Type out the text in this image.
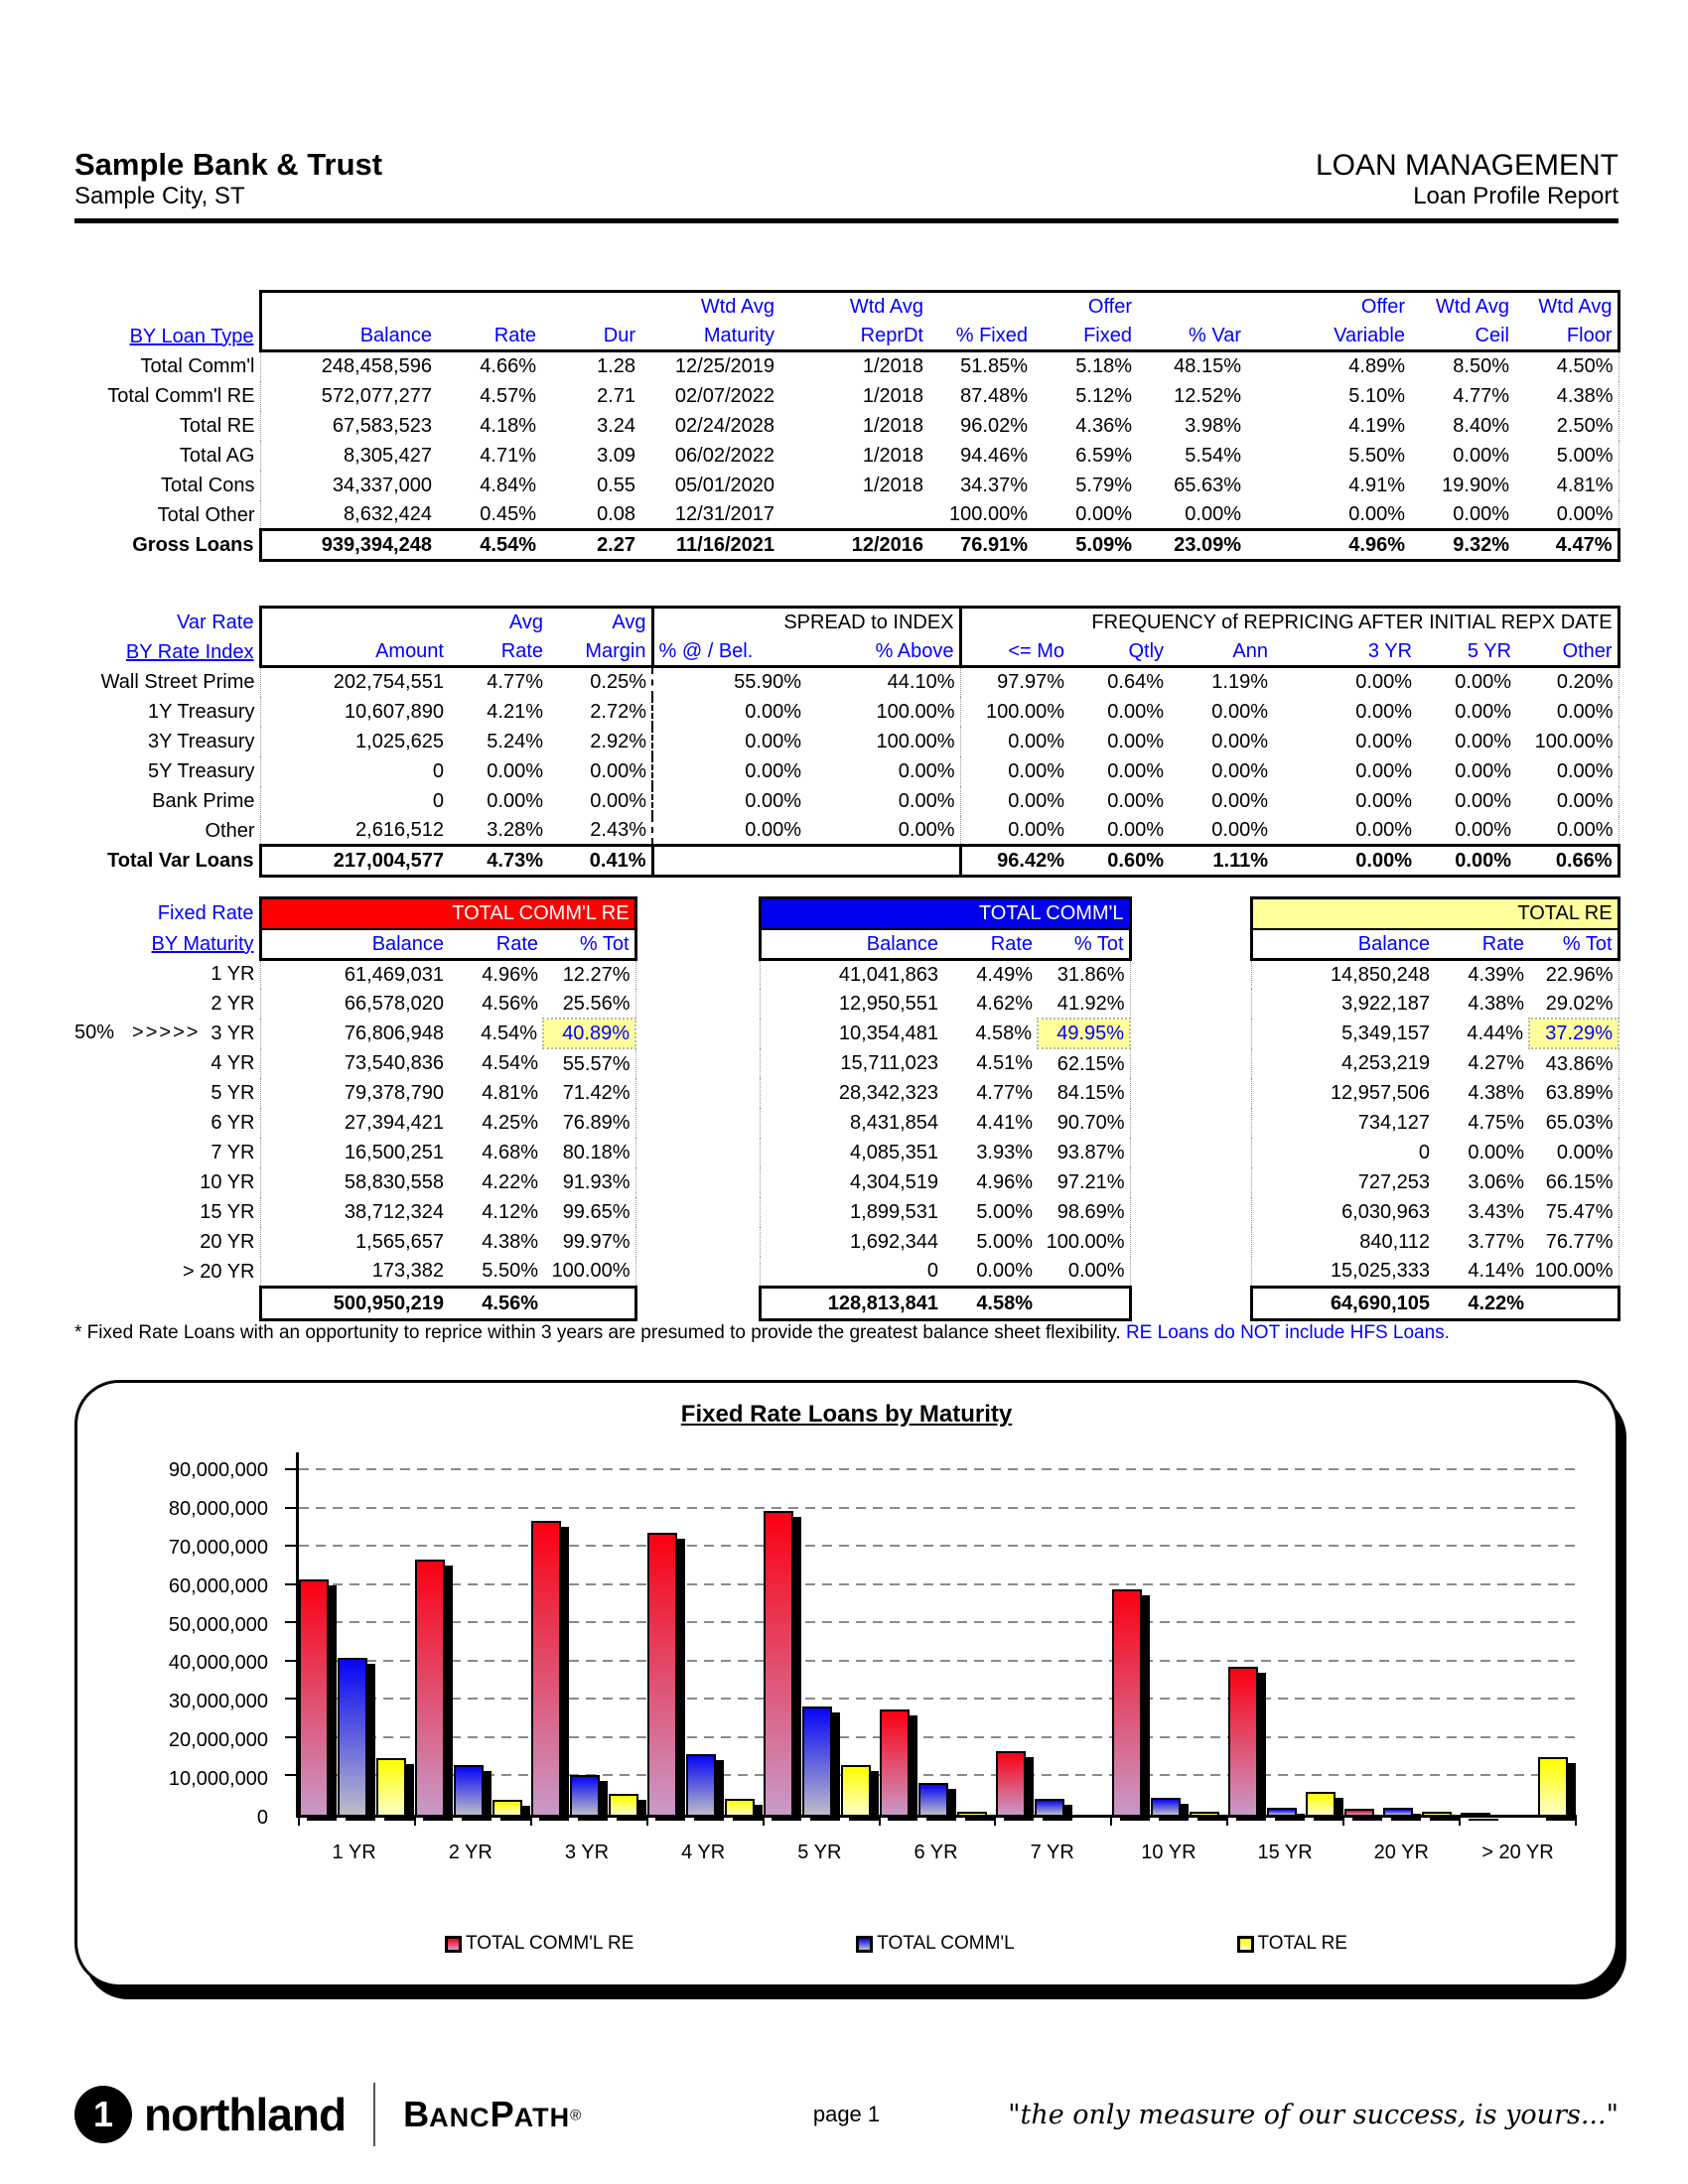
Sample Bank & Trust	LOAN MANAGEMENT
Sample City, ST	Loan Profile Report
				Wtd Avg	Wtd Avg		Offer		Offer	Wtd Avg	Wtd Avg
BY Loan Type	Balance	Rate	Dur	Maturity	ReprDt	% Fixed	Fixed	% Var	Variable	Ceil	Floor
Total Comm'l	248,458,596	4.66%	1.28	12/25/2019	1/2018	51.85%	5.18%	48.15%	4.89%	8.50%	4.50%
Total Comm'l RE	572,077,277	4.57%	2.71	02/07/2022	1/2018	87.48%	5.12%	12.52%	5.10%	4.77%	4.38%
Total RE	67,583,523	4.18%	3.24	02/24/2028	1/2018	96.02%	4.36%	3.98%	4.19%	8.40%	2.50%
Total AG	8,305,427	4.71%	3.09	06/02/2022	1/2018	94.46%	6.59%	5.54%	5.50%	0.00%	5.00%
Total Cons	34,337,000	4.84%	0.55	05/01/2020	1/2018	34.37%	5.79%	65.63%	4.91%	19.90%	4.81%
Total Other	8,632,424	0.45%	0.08	12/31/2017		100.00%	0.00%	0.00%	0.00%	0.00%	0.00%
Gross Loans	939,394,248	4.54%	2.27	11/16/2021	12/2016	76.91%	5.09%	23.09%	4.96%	9.32%	4.47%
Var Rate		Avg	Avg	SPREAD to INDEX		FREQUENCY of REPRICING AFTER INITIAL REPX DATE					
BY Rate Index	Amount	Rate	Margin	% @ / Bel.	% Above	<= Mo	Qtly	Ann	3 YR	5 YR	Other
Wall Street Prime	202,754,551	4.77%	0.25%	55.90%	44.10%	97.97%	0.64%	1.19%	0.00%	0.00%	0.20%
1Y Treasury	10,607,890	4.21%	2.72%	0.00%	100.00%	100.00%	0.00%	0.00%	0.00%	0.00%	0.00%
3Y Treasury	1,025,625	5.24%	2.92%	0.00%	100.00%	0.00%	0.00%	0.00%	0.00%	0.00%	100.00%
5Y Treasury	0	0.00%	0.00%	0.00%	0.00%	0.00%	0.00%	0.00%	0.00%	0.00%	0.00%
Bank Prime	0	0.00%	0.00%	0.00%	0.00%	0.00%	0.00%	0.00%	0.00%	0.00%	0.00%
Other	2,616,512	3.28%	2.43%	0.00%	0.00%	0.00%	0.00%	0.00%	0.00%	0.00%	0.00%
Total Var Loans	217,004,577	4.73%	0.41%			96.42%	0.60%	1.11%	0.00%	0.00%	0.66%
Fixed Rate	TOTAL COMM'L RE				TOTAL COMM'L				TOTAL RE		
BY Maturity	Balance	Rate	% Tot		Balance	Rate	% Tot		Balance	Rate	% Tot

1 YR	61,469,031	4.96%	12.27%		41,041,863	4.49%	31.86%		14,850,248	4.39%	22.96%

2 YR	66,578,020	4.56%	25.56%		12,950,551	4.62%	41.92%		3,922,187	4.38%	29.02%

50% >>>>> 3 YR	76,806,948	4.54%	40.89%		10,354,481	4.58%	49.95%		5,349,157	4.44%	37.29%

4 YR	73,540,836	4.54%	55.57%		15,711,023	4.51%	62.15%		4,253,219	4.27%	43.86%

5 YR	79,378,790	4.81%	71.42%		28,342,323	4.77%	84.15%		12,957,506	4.38%	63.89%

6 YR	27,394,421	4.25%	76.89%		8,431,854	4.41%	90.70%		734,127	4.75%	65.03%

7 YR	16,500,251	4.68%	80.18%		4,085,351	3.93%	93.87%		0	0.00%	0.00%

10 YR	58,830,558	4.22%	91.93%		4,304,519	4.96%	97.21%		727,253	3.06%	66.15%

15 YR	38,712,324	4.12%	99.65%		1,899,531	5.00%	98.69%		6,030,963	3.43%	75.47%

20 YR	1,565,657	4.38%	99.97%		1,692,344	5.00%	100.00%		840,112	3.77%	76.77%

> 20 YR	173,382	5.50%	100.00%		0	0.00%	0.00%		15,025,333	4.14%	100.00%
	500,950,219	4.56%			128,813,841	4.58%			64,690,105	4.22%	
* Fixed Rate Loans with an opportunity to reprice within 3 years are presumed to provide the greatest balance sheet flexibility. RE Loans do NOT include HFS Loans.
Fixed Rate Loans by Maturity
0
10,000,000
20,000,000
30,000,000
40,000,000
50,000,000
60,000,000
70,000,000
80,000,000
90,000,000
1 YR	2 YR	3 YR	4 YR	5 YR	6 YR	7 YR	10 YR	15 YR	20 YR	> 20 YR
TOTAL COMM'L RE	TOTAL COMM'L	TOTAL RE
1 northland BANCPATH®	page 1	"the only measure of our success, is yours..."
